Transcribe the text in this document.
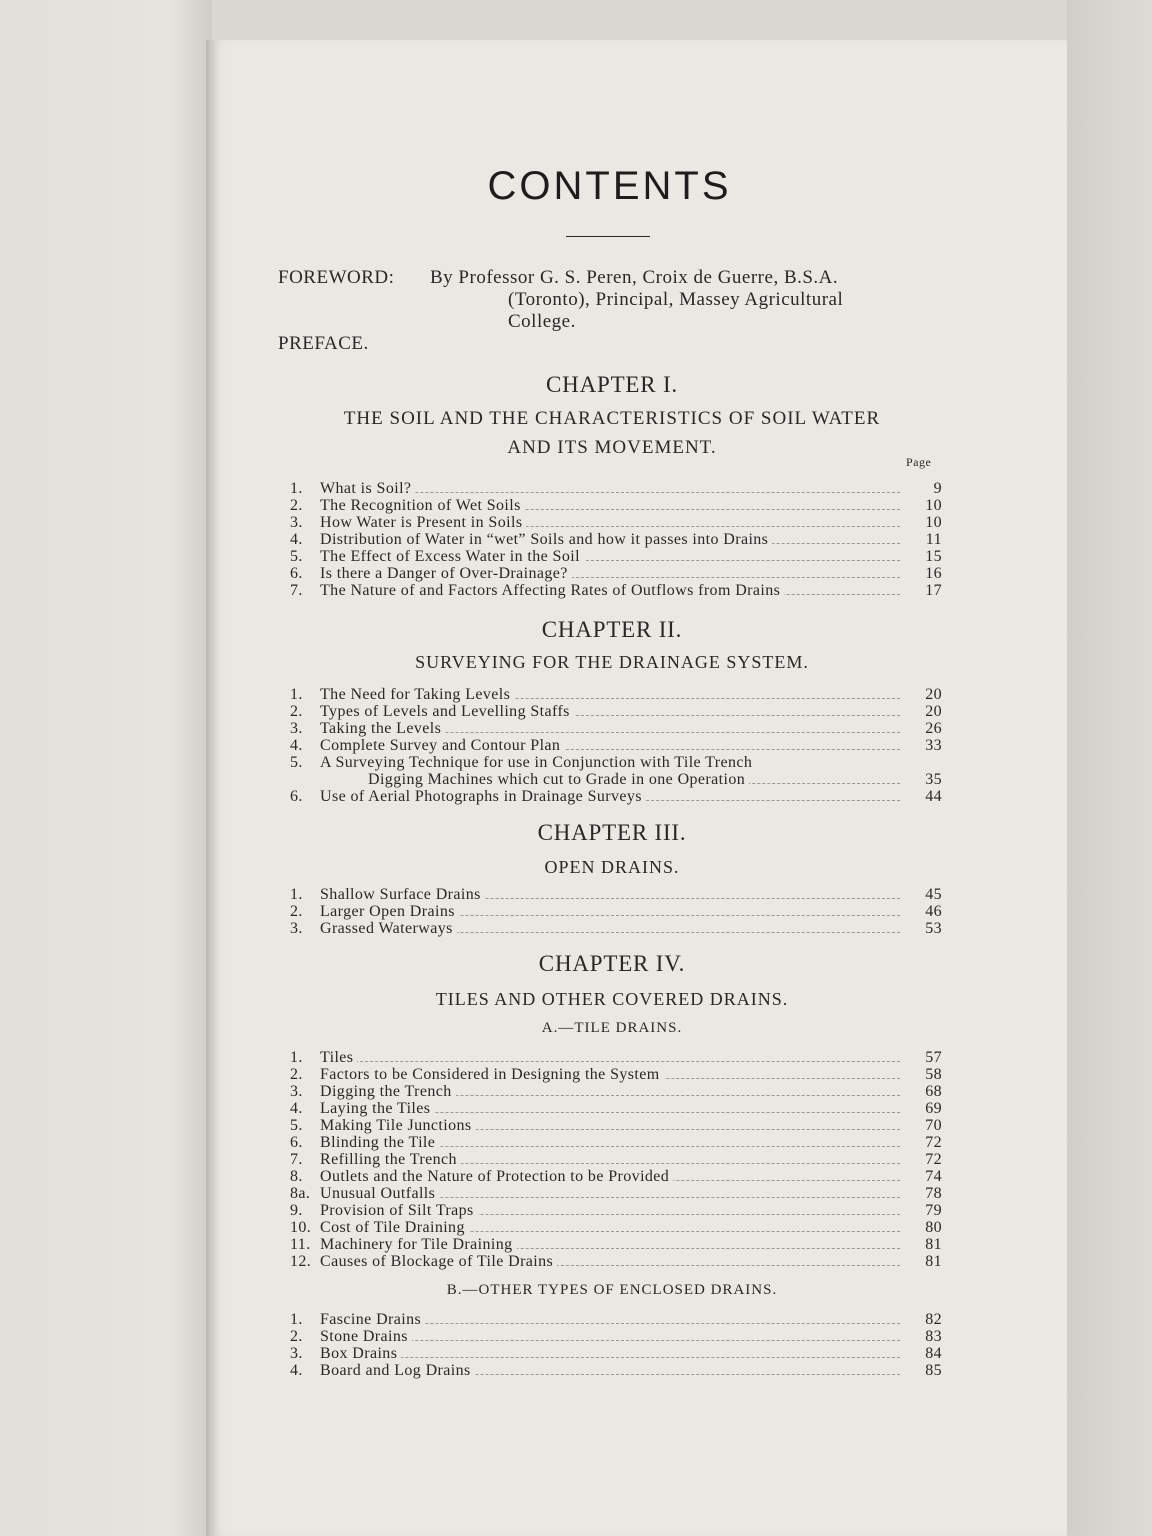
CONTENTS
FOREWORD: By Professor G. S. Peren, Croix de Guerre, B.S.A.
(Toronto), Principal, Massey Agricultural
College.
PREFACE.
CHAPTER I.
THE SOIL AND THE CHARACTERISTICS OF SOIL WATER
AND ITS MOVEMENT.
Page
1.	What is Soil?	9
2.	The Recognition of Wet Soils	10
3.	How Water is Present in Soils	10
4.	Distribution of Water in “wet” Soils and how it passes into Drains	11
5.	The Effect of Excess Water in the Soil	15
6.	Is there a Danger of Over-Drainage?	16
7.	The Nature of and Factors Affecting Rates of Outflows from Drains	17
CHAPTER II.
SURVEYING FOR THE DRAINAGE SYSTEM.
1.	The Need for Taking Levels	20
2.	Types of Levels and Levelling Staffs	20
3.	Taking the Levels	26
4.	Complete Survey and Contour Plan	33
5.	A Surveying Technique for use in Conjunction with Tile Trench
Digging Machines which cut to Grade in one Operation	35
6.	Use of Aerial Photographs in Drainage Surveys	44
CHAPTER III.
OPEN DRAINS.
1.	Shallow Surface Drains	45
2.	Larger Open Drains	46
3.	Grassed Waterways	53
CHAPTER IV.
TILES AND OTHER COVERED DRAINS.
A.—TILE DRAINS.
1.	Tiles	57
2.	Factors to be Considered in Designing the System	58
3.	Digging the Trench	68
4.	Laying the Tiles	69
5.	Making Tile Junctions	70
6.	Blinding the Tile	72
7.	Refilling the Trench	72
8.	Outlets and the Nature of Protection to be Provided	74
8a. Unusual Outfalls	78
9.	Provision of Silt Traps	79
10. Cost of Tile Draining	80
11. Machinery for Tile Draining	81
12. Causes of Blockage of Tile Drains	81
B.—OTHER TYPES OF ENCLOSED DRAINS.
1.	Fascine Drains	82
2.	Stone Drains	83
3.	Box Drains	84
4.	Board and Log Drains	85
